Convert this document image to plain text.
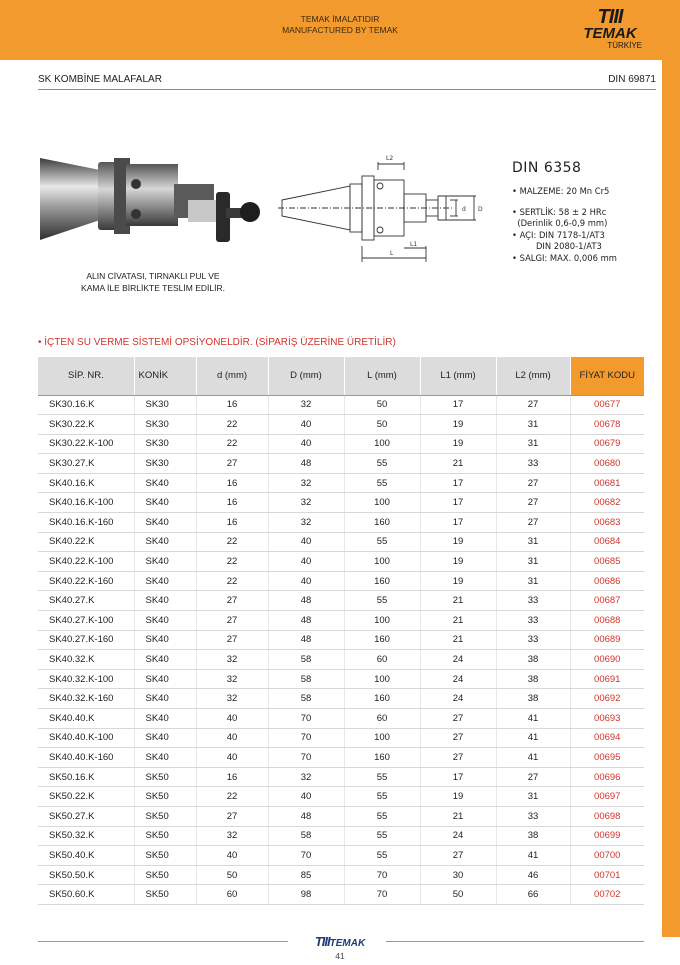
TEMAK İMALATIDIR
MANUFACTURED BY TEMAK
TIII
TEMAK
TÜRKİYE
SK KOMBİNE MALAFALAR	DIN 69871
ALIN CİVATASI, TIRNAKLI PUL VE
KAMA İLE BİRLİKTE TESLİM EDİLİR.
L2
L
L1
d D
DIN 6358
• MALZEME: 20 Mn Cr5
• SERTLİK: 58 ± 2 HRc
(Derinlik 0,6-0,9 mm)
• AÇI: DIN 7178-1/AT3
DIN 2080-1/AT3
• SALGI: MAX. 0,006 mm
• İÇTEN SU VERME SİSTEMİ OPSİYONELDİR. (SİPARİŞ ÜZERİNE ÜRETİLİR)
SİP. NR.	KONİK	d (mm)	D (mm)	L (mm)	L1 (mm)	L2 (mm)	FİYAT KODU
SK30.16.K	SK30	16	32	50	17	27	00677
SK30.22.K	SK30	22	40	50	19	31	00678
SK30.22.K-100	SK30	22	40	100	19	31	00679
SK30.27.K	SK30	27	48	55	21	33	00680
SK40.16.K	SK40	16	32	55	17	27	00681
SK40.16.K-100	SK40	16	32	100	17	27	00682
SK40.16.K-160	SK40	16	32	160	17	27	00683
SK40.22.K	SK40	22	40	55	19	31	00684
SK40.22.K-100	SK40	22	40	100	19	31	00685
SK40.22.K-160	SK40	22	40	160	19	31	00686
SK40.27.K	SK40	27	48	55	21	33	00687
SK40.27.K-100	SK40	27	48	100	21	33	00688
SK40.27.K-160	SK40	27	48	160	21	33	00689
SK40.32.K	SK40	32	58	60	24	38	00690
SK40.32.K-100	SK40	32	58	100	24	38	00691
SK40.32.K-160	SK40	32	58	160	24	38	00692
SK40.40.K	SK40	40	70	60	27	41	00693
SK40.40.K-100	SK40	40	70	100	27	41	00694
SK40.40.K-160	SK40	40	70	160	27	41	00695
SK50.16.K	SK50	16	32	55	17	27	00696
SK50.22.K	SK50	22	40	55	19	31	00697
SK50.27.K	SK50	27	48	55	21	33	00698
SK50.32.K	SK50	32	58	55	24	38	00699
SK50.40.K	SK50	40	70	55	27	41	00700
SK50.50.K	SK50	50	85	70	30	46	00701
SK50.60.K	SK50	60	98	70	50	66	00702
TIIITEMAK
41
